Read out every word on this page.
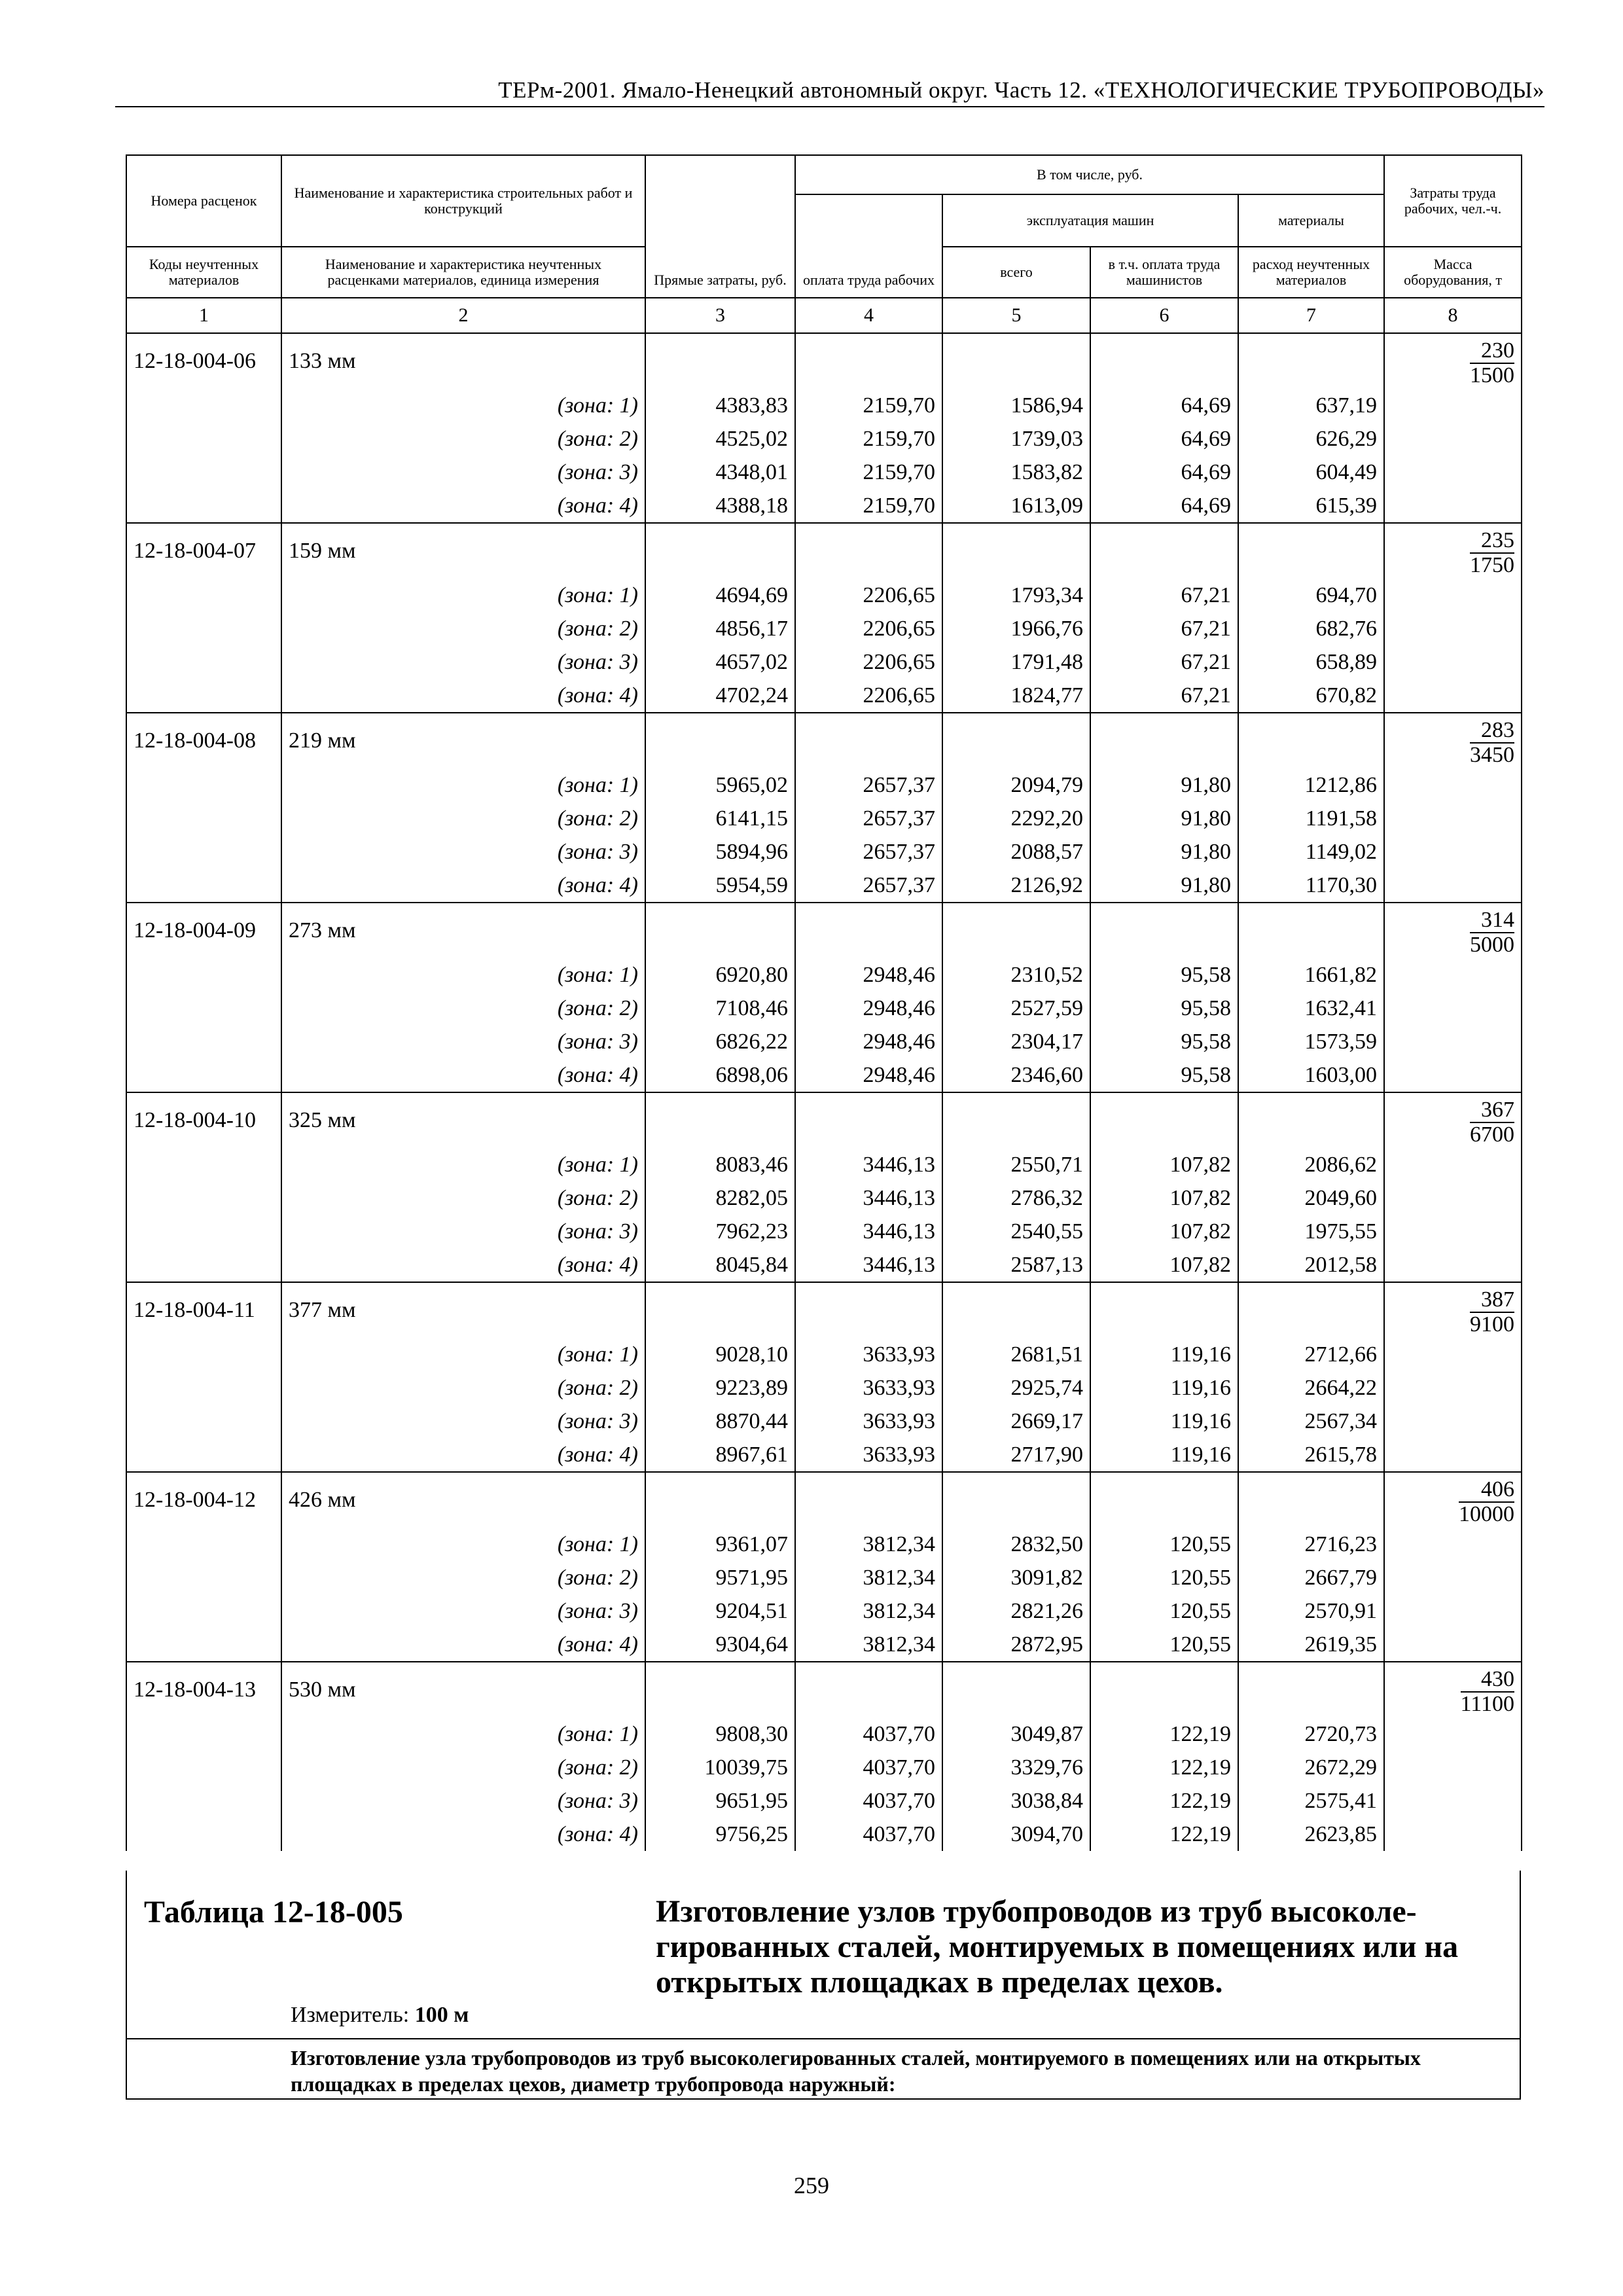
ТЕРм-2001. Ямало-Ненецкий автономный округ. Часть 12. «ТЕХНОЛОГИЧЕСКИЕ ТРУБОПРОВОДЫ»
Номера расценок	Наименование и характеристика строительных работ и конструкций	Прямые затраты, руб.	В том числе, руб.				Затраты труда рабочих, чел.-ч.
			оплата труда рабочих	эксплуатация машин		материалы	
Коды неучтенных материалов	Наименование и характеристика неучтенных расценками материалов, единица измерения			всего	в т.ч. оплата труда машинистов	расход неучтенных материалов	Масса оборудования, т
1	2	3	4	5	6	7	8
12-18-004-06	133 мм						$\frac{230}{1500}$

	(зона: 1)	4383,83	2159,70	1586,94	64,69	637,19	
	(зона: 2)	4525,02	2159,70	1739,03	64,69	626,29	
	(зона: 3)	4348,01	2159,70	1583,82	64,69	604,49	
	(зона: 4)	4388,18	2159,70	1613,09	64,69	615,39	
12-18-004-07	159 мм						$\frac{235}{1750}$

	(зона: 1)	4694,69	2206,65	1793,34	67,21	694,70	
	(зона: 2)	4856,17	2206,65	1966,76	67,21	682,76	
	(зона: 3)	4657,02	2206,65	1791,48	67,21	658,89	
	(зона: 4)	4702,24	2206,65	1824,77	67,21	670,82	
12-18-004-08	219 мм						$\frac{283}{3450}$

	(зона: 1)	5965,02	2657,37	2094,79	91,80	1212,86	
	(зона: 2)	6141,15	2657,37	2292,20	91,80	1191,58	
	(зона: 3)	5894,96	2657,37	2088,57	91,80	1149,02	
	(зона: 4)	5954,59	2657,37	2126,92	91,80	1170,30	
12-18-004-09	273 мм						$\frac{314}{5000}$

	(зона: 1)	6920,80	2948,46	2310,52	95,58	1661,82	
	(зона: 2)	7108,46	2948,46	2527,59	95,58	1632,41	
	(зона: 3)	6826,22	2948,46	2304,17	95,58	1573,59	
	(зона: 4)	6898,06	2948,46	2346,60	95,58	1603,00	
12-18-004-10	325 мм						$\frac{367}{6700}$

	(зона: 1)	8083,46	3446,13	2550,71	107,82	2086,62	
	(зона: 2)	8282,05	3446,13	2786,32	107,82	2049,60	
	(зона: 3)	7962,23	3446,13	2540,55	107,82	1975,55	
	(зона: 4)	8045,84	3446,13	2587,13	107,82	2012,58	
12-18-004-11	377 мм						$\frac{387}{9100}$

	(зона: 1)	9028,10	3633,93	2681,51	119,16	2712,66	
	(зона: 2)	9223,89	3633,93	2925,74	119,16	2664,22	
	(зона: 3)	8870,44	3633,93	2669,17	119,16	2567,34	
	(зона: 4)	8967,61	3633,93	2717,90	119,16	2615,78	
12-18-004-12	426 мм						$\frac{406}{10000}$

	(зона: 1)	9361,07	3812,34	2832,50	120,55	2716,23	
	(зона: 2)	9571,95	3812,34	3091,82	120,55	2667,79	
	(зона: 3)	9204,51	3812,34	2821,26	120,55	2570,91	
	(зона: 4)	9304,64	3812,34	2872,95	120,55	2619,35	
12-18-004-13	530 мм						$\frac{430}{11100}$

	(зона: 1)	9808,30	4037,70	3049,87	122,19	2720,73	
	(зона: 2)	10039,75	4037,70	3329,76	122,19	2672,29	
	(зона: 3)	9651,95	4037,70	3038,84	122,19	2575,41	
	(зона: 4)	9756,25	4037,70	3094,70	122,19	2623,85	
Таблица 12-18-005	Изготовление узлов трубопроводов из труб высоколе-гированных сталей, монтируемых в помещениях или на открытых площадках в пределах цехов.
Измеритель: 100 м
Изготовление узла трубопроводов из труб высоколегированных сталей, монтируемого в помещениях или на открытых площадках в пределах цехов, диаметр трубопровода наружный:
259
